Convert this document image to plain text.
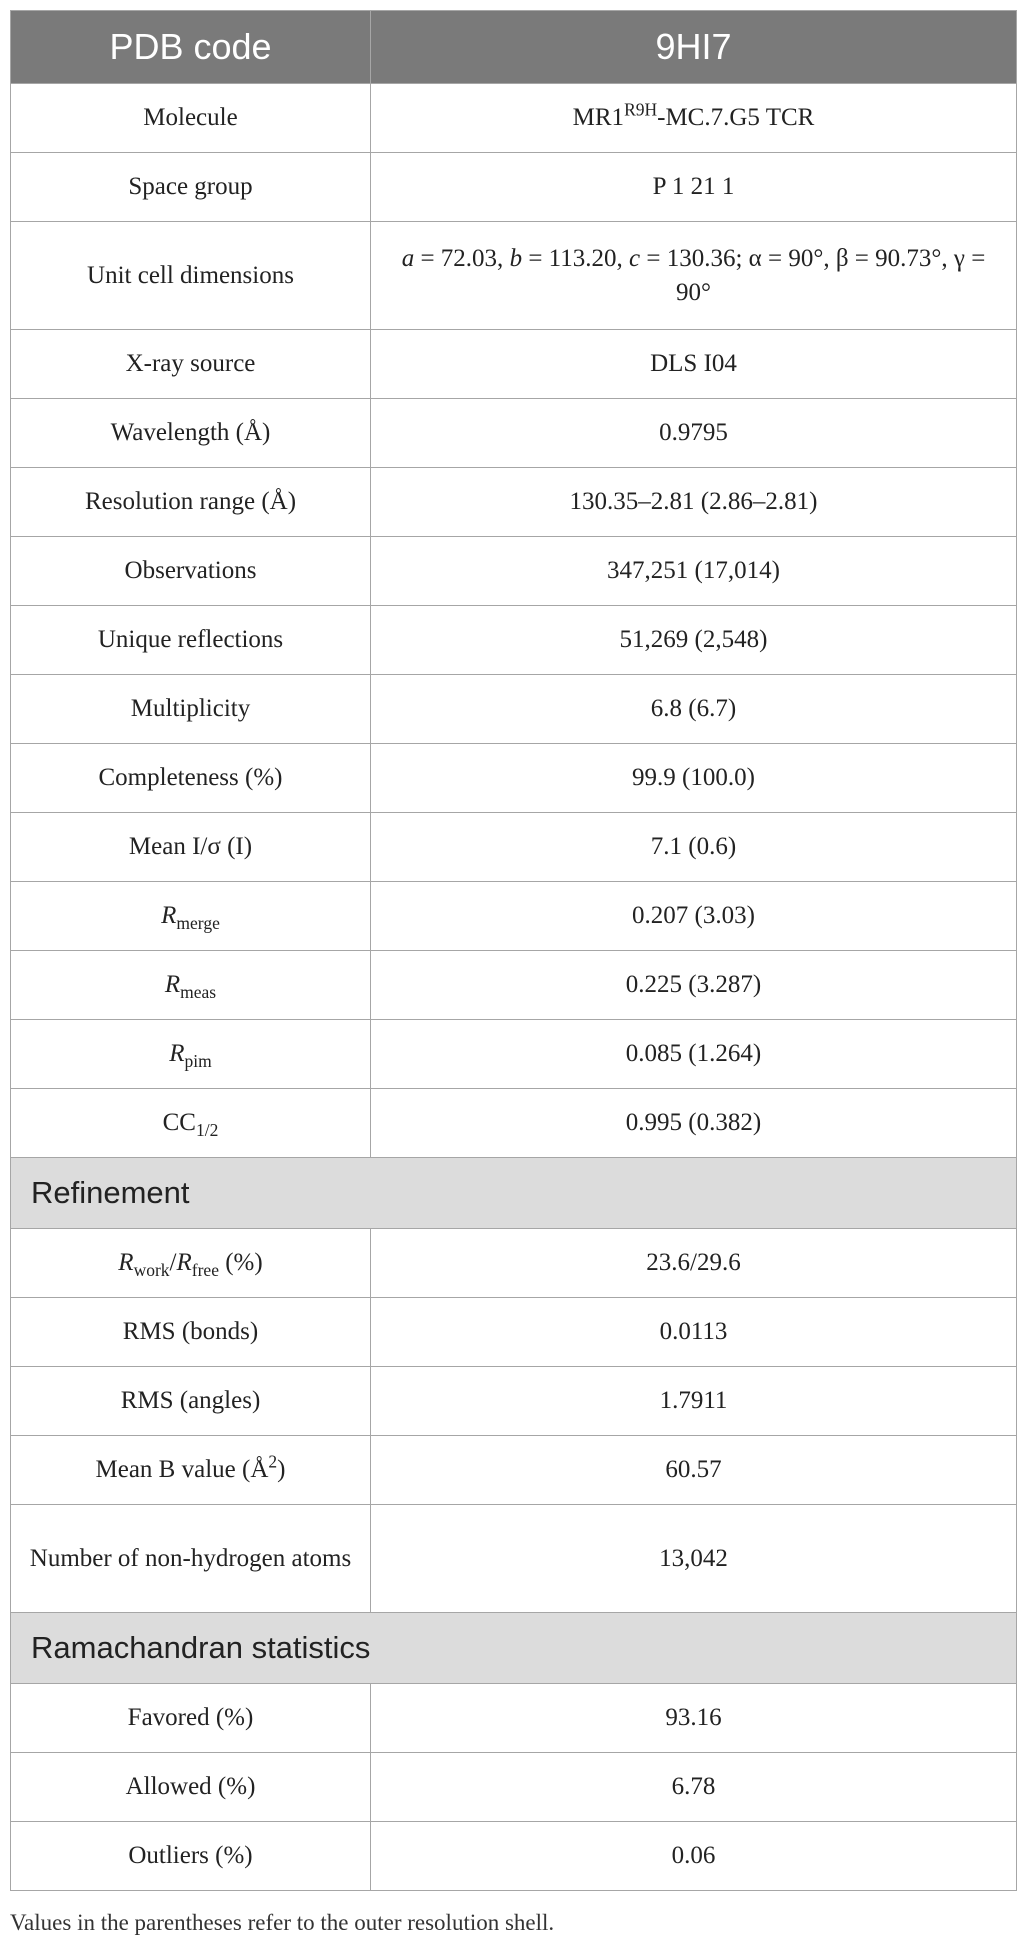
PDB code	9HI7
Molecule	$MR1^{R9H}-MC.7.G5$ TCR
Space group	P 1 21 1
Unit cell dimensions	a = 72.03, b = 113.20, c = 130.36; α = 90°, β = 90.73°, γ = 90°
X-ray source	DLS I04
Wavelength (Å)	0.9795
Resolution range (Å)	130.35–2.81 (2.86–2.81)
Observations	347,251 (17,014)
Unique reflections	51,269 (2,548)
Multiplicity	6.8 (6.7)
Completeness (%)	99.9 (100.0)
Mean I/σ (I)	7.1 (0.6)
$R_{merge}$	0.207 (3.03)
$R_{meas}$	0.225 (3.287)
$R_{pim}$	0.085 (1.264)
$CC_{1/2}$	0.995 (0.382)
Refinement	
$R_{work}/R_{free}$ (%)	23.6/29.6
RMS (bonds)	0.0113
RMS (angles)	1.7911
Mean B value $(Å^2)$	60.57
Number of non-hydrogen atoms	13,042
Ramachandran statistics	
Favored (%)	93.16
Allowed (%)	6.78
Outliers (%)	0.06
Values in the parentheses refer to the outer resolution shell.
